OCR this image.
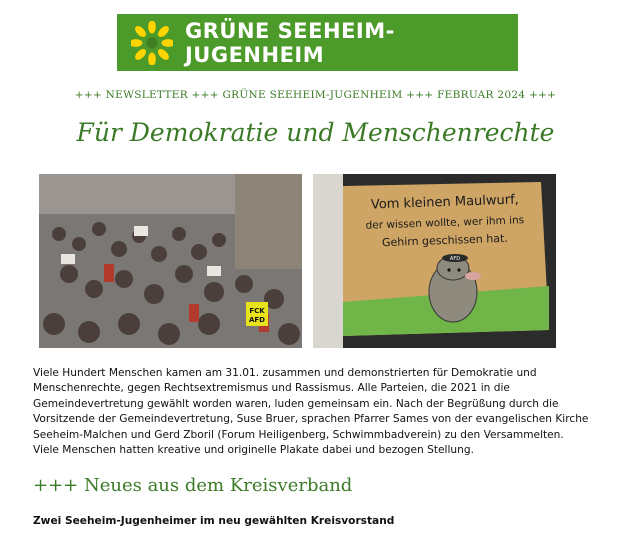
GRÜNE SEEHEIM-JUGENHEIM
+++ NEWSLETTER +++ GRÜNE SEEHEIM-JUGENHEIM +++ FEBRUAR 2024 +++
Für Demokratie und Menschenrechte
FCK
AFD
Vom kleinen Maulwurf,
der wissen wollte, wer ihm ins
Gehirn geschissen hat.
AFD
Viele Hundert Menschen kamen am 31.01. zusammen und demonstrierten für Demokratie und Menschenrechte, gegen Rechtsextremismus und Rassismus. Alle Parteien, die 2021 in die Gemeindevertretung gewählt worden waren, luden gemeinsam ein. Nach der Begrüßung durch die Vorsitzende der Gemeindevertretung, Suse Bruer, sprachen Pfarrer Sames von der evangelischen Kirche Seeheim-Malchen und Gerd Zboril (Forum Heiligenberg, Schwimmbadverein) zu den Versammelten. Viele Menschen hatten kreative und originelle Plakate dabei und bezogen Stellung.
+++ Neues aus dem Kreisverband
Zwei Seeheim-Jugenheimer im neu gewählten Kreisvorstand
